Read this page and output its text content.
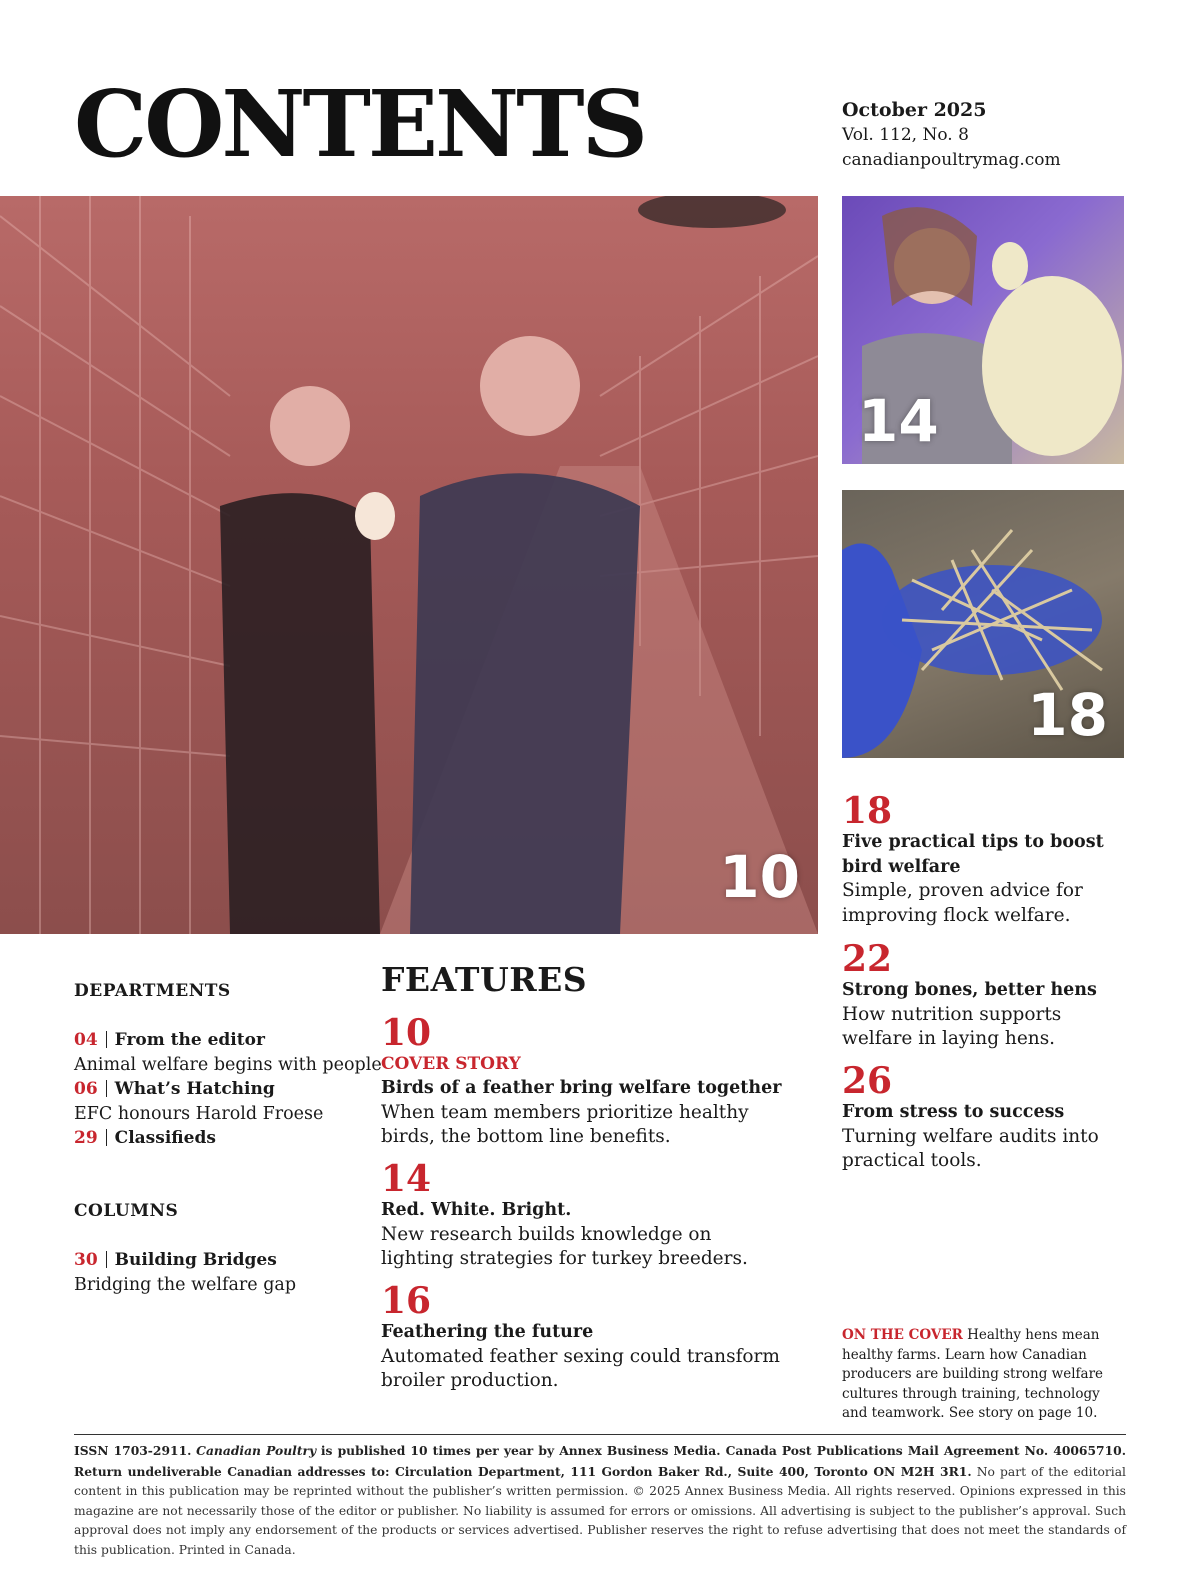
CONTENTS	October 2025
Vol. 112, No. 8
canadianpoultrymag.com
10
14
18
DEPARTMENTS
04 From the editor
Animal welfare begins with people
06 What’s Hatching
EFC honours Harold Froese
29 Classifieds
COLUMNS
30 Building Bridges
Bridging the welfare gap
FEATURES
10
COVER STORY
Birds of a feather bring welfare together
When team members prioritize healthy birds, the bottom line benefits.
14
Red. White. Bright.
New research builds knowledge on lighting strategies for turkey breeders.
16
Feathering the future
Automated feather sexing could transform broiler production.
18
Five practical tips to boost bird welfare
Simple, proven advice for improving flock welfare.
22
Strong bones, better hens
How nutrition supports welfare in laying hens.
26
From stress to success
Turning welfare audits into practical tools.
ON THE COVER Healthy hens mean healthy farms. Learn how Canadian producers are building strong welfare cultures through training, technology and teamwork. See story on page 10.
ISSN 1703-2911. Canadian Poultry is published 10 times per year by Annex Business Media. Canada Post Publications Mail Agreement No. 40065710. Return undeliverable Canadian addresses to: Circulation Department, 111 Gordon Baker Rd., Suite 400, Toronto ON M2H 3R1. No part of the editorial content in this publication may be reprinted without the publisher’s written permission. © 2025 Annex Business Media. All rights reserved. Opinions expressed in this magazine are not necessarily those of the editor or publisher. No liability is assumed for errors or omissions. All advertising is subject to the publisher’s approval. Such approval does not imply any endorsement of the products or services advertised. Publisher reserves the right to refuse advertising that does not meet the standards of this publication. Printed in Canada.
